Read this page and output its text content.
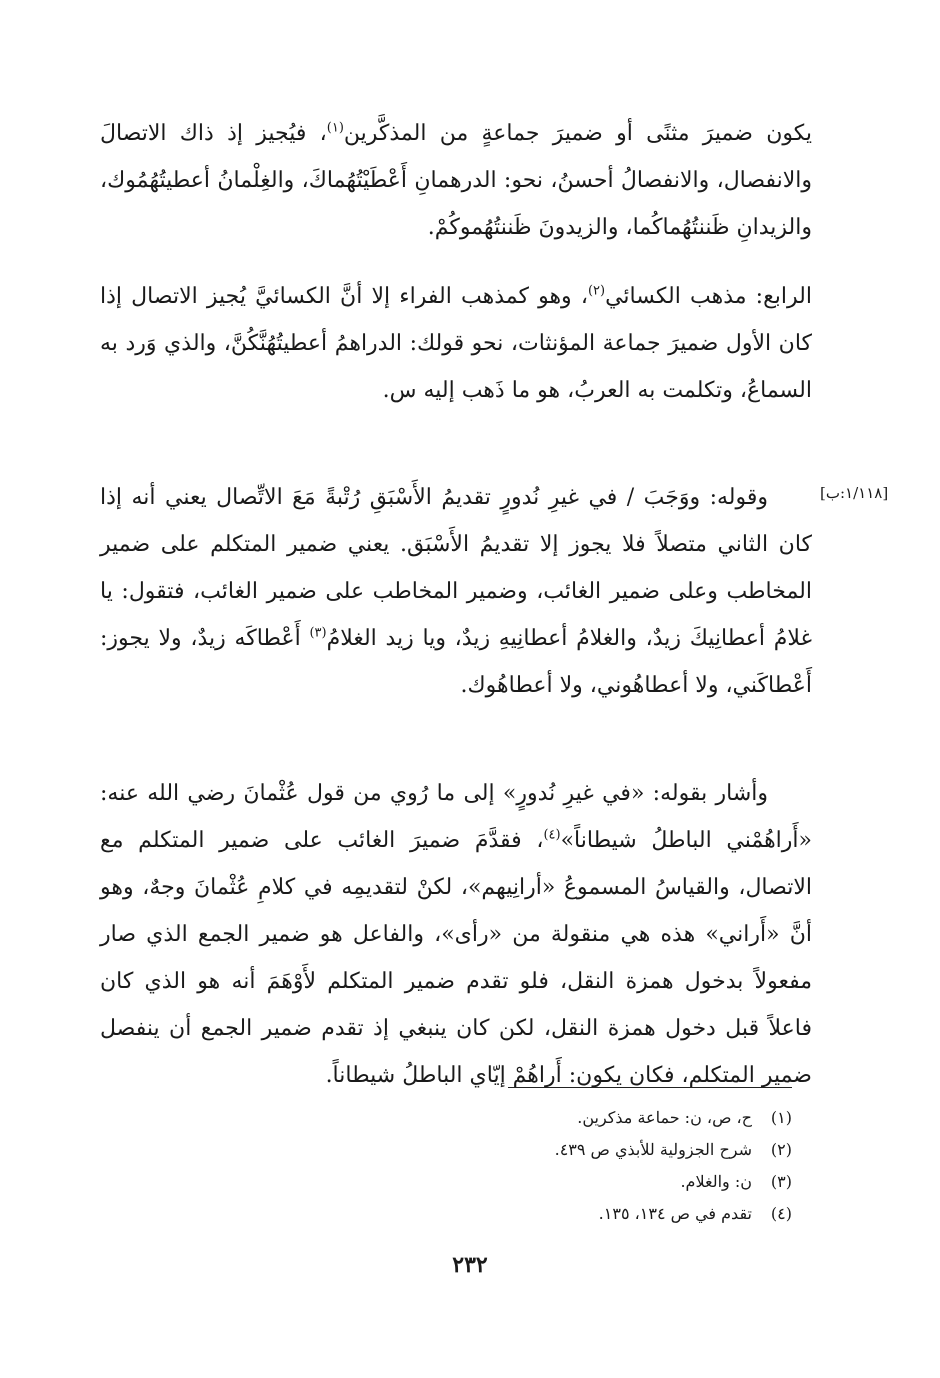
يكون ضميرَ مثنًى أو ضميرَ جماعةٍ من المذكَّرين$^{(١)}$، فيُجيز إذ ذاك الاتصالَ والانفصال، والانفصالُ أحسنُ، نحو: الدرهمانِ أَعْطَيْتُهُماكَ، والغِلْمانُ أعطيتُهُمُوك، والزيدانِ ظَننتُهُماكُما، والزيدونَ ظَننتُهُموكُمْ.

الرابع: مذهب الكسائي$^{(٢)}$، وهو كمذهب الفراء إلا أنَّ الكسائيَّ يُجيز الاتصال إذا كان الأول ضميرَ جماعة المؤنثات، نحو قولك: الدراهمُ أعطيتُهُنَّكُنَّ، والذي وَرد به السماعُ، وتكلمت به العربُ، هو ما ذَهب إليه س.

[١/١١٨:ب]

وقوله: ووَجَبَ / في غيرِ نُدورٍ تقديمُ الأَسْبَقِ رُتْبةً مَعَ الاتِّصال يعني أنه إذا كان الثاني متصلاً فلا يجوز إلا تقديمُ الأَسْبَق. يعني ضمير المتكلم على ضمير المخاطب وعلى ضمير الغائب، وضمير المخاطب على ضمير الغائب، فتقول: يا غلامُ أعطانِيكَ زيدٌ، والغلامُ أعطانِيهِ زيدٌ، ويا زيد الغلامُ$^{(٣)}$ أَعْطاكَه زيدٌ، ولا يجوز: أَعْطاكَني، ولا أعطاهُوني، ولا أعطاهُوك.

وأشار بقوله: «في غيرِ نُدورٍ» إلى ما رُوي من قول عُثْمانَ رضي الله عنه: «أَراهُمْني الباطلُ شيطاناً»$^{(٤)}$، فقدَّمَ ضميرَ الغائب على ضمير المتكلم مع الاتصال، والقياسُ المسموعُ «أرانِيهم»، لكنْ لتقديمِه في كلامِ عُثْمانَ وجهٌ، وهو أنَّ «أَراني» هذه هي منقولة من «رأى»، والفاعل هو ضمير الجمع الذي صار مفعولاً بدخول همزة النقل، فلو تقدم ضمير المتكلم لأَوْهَمَ أنه هو الذي كان فاعلاً قبل دخول همزة النقل، لكن كان ينبغي إذ تقدم ضمير الجمع أن ينفصل ضمير المتكلم، فكان يكون: أَراهُمْ إيّاي الباطلُ شيطاناً.

(١)
ح، ص، ن: حماعة مذكرين.
(٢)
شرح الجزولية للأبذي ص ٤٣٩.
(٣)
ن: والغلام.
(٤)
تقدم في ص ١٣٤، ١٣٥.
٢٣٢
